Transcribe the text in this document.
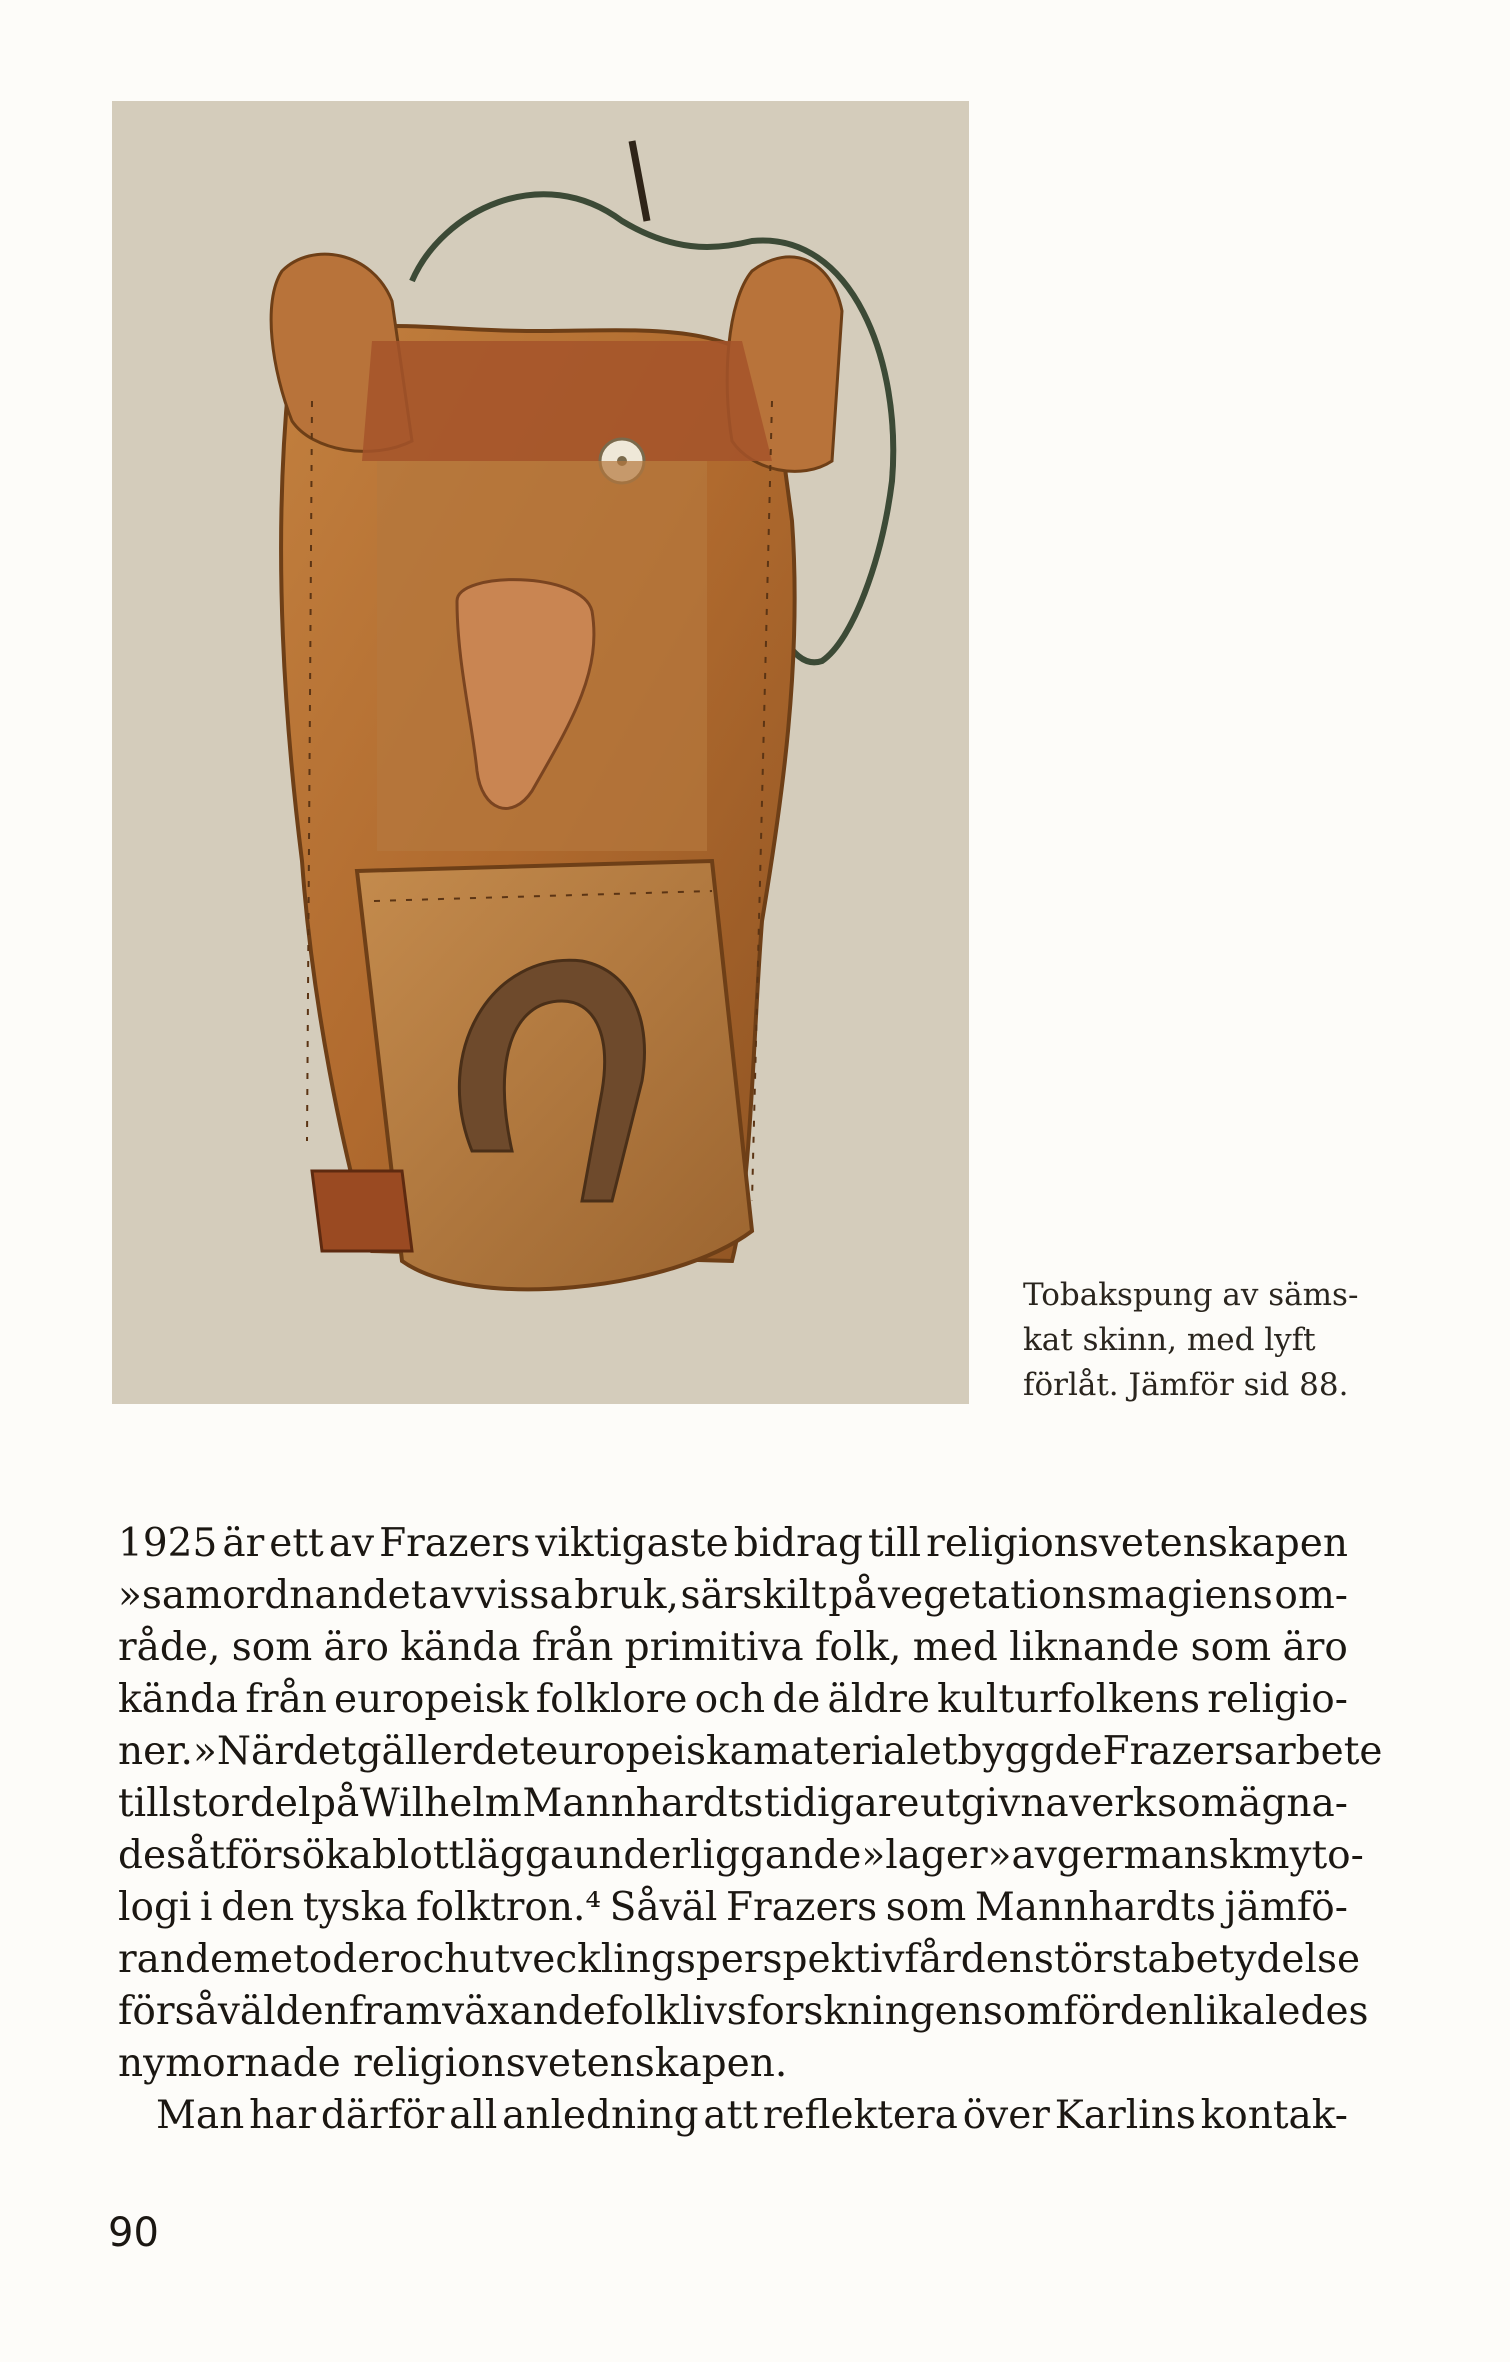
Tobakspung av säms-
kat skinn, med lyft
förlåt. Jämför sid 88.
1925 är ett av Frazers viktigaste bidrag till religionsvetenskapen
»samordnandet av vissa bruk, särskilt på vegetationsmagiens om-
råde, som äro kända från primitiva folk, med liknande som äro
kända från europeisk folklore och de äldre kulturfolkens religio-
ner.» När det gäller det europeiska materialet byggde Frazers arbete
till stor del på Wilhelm Mannhardts tidigare utgivna verk som ägna-
des åt försöka blottlägga underliggande »lager» av germansk myto-
logi i den tyska folktron.⁴ Såväl Frazers som Mannhardts jämfö-
rande metoder och utvecklingsperspektiv får den största betydelse
för såväl den framväxande folklivsforskningen som för den likaledes
nymornade religionsvetenskapen.
Man har därför all anledning att reflektera över Karlins kontak-
90
